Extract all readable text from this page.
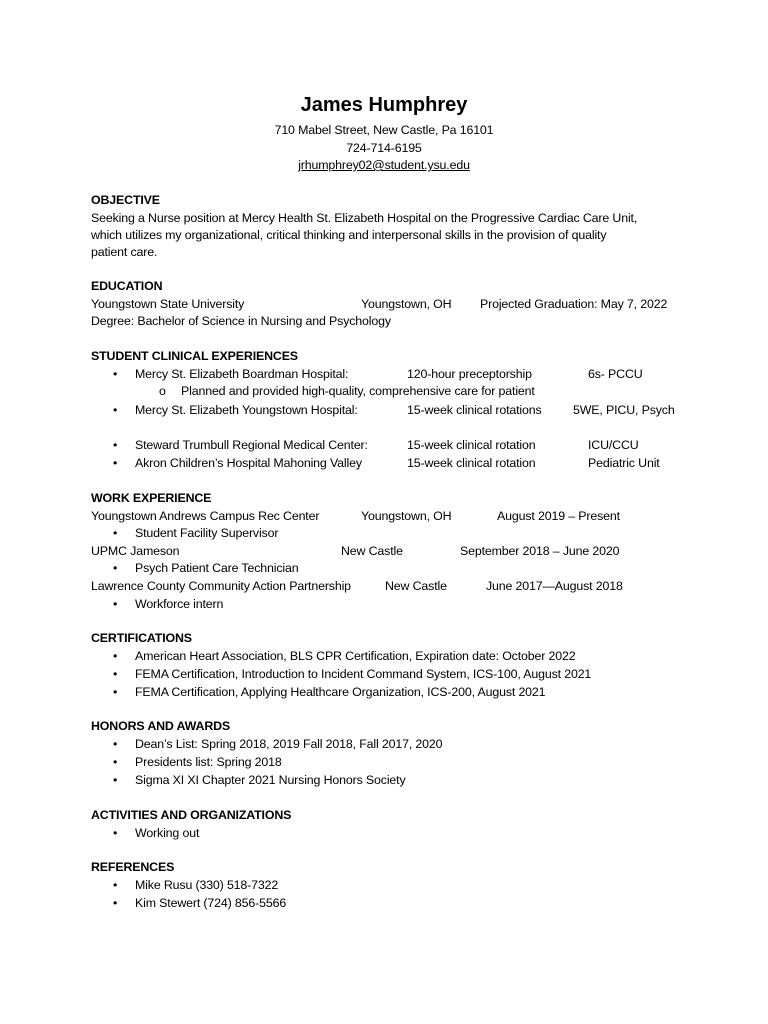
James Humphrey
710 Mabel Street, New Castle, Pa 16101
724-714-6195
jrhumphrey02@student.ysu.edu
OBJECTIVE
Seeking a Nurse position at Mercy Health St. Elizabeth Hospital on the Progressive Cardiac Care Unit,
which utilizes my organizational, critical thinking and interpersonal skills in the provision of quality
patient care.
EDUCATION
Youngstown State University	Youngstown, OH Projected Graduation: May 7, 2022
Degree: Bachelor of Science in Nursing and Psychology
STUDENT CLINICAL EXPERIENCES
• Mercy St. Elizabeth Boardman Hospital:	120-hour preceptorship	6s- PCCU
o Planned and provided high-quality, comprehensive care for patient
• Mercy St. Elizabeth Youngstown Hospital:	15-week clinical rotations	5WE, PICU, Psych
• Steward Trumbull Regional Medical Center:	15-week clinical rotation	ICU/CCU
• Akron Children’s Hospital Mahoning Valley	15-week clinical rotation	Pediatric Unit
WORK EXPERIENCE
Youngstown Andrews Campus Rec Center	Youngstown, OH	August 2019 – Present
• Student Facility Supervisor
UPMC Jameson	New Castle	September 2018 – June 2020
• Psych Patient Care Technician
Lawrence County Community Action Partnership	New Castle	June 2017—August 2018
• Workforce intern
CERTIFICATIONS
• American Heart Association, BLS CPR Certification, Expiration date: October 2022
• FEMA Certification, Introduction to Incident Command System, ICS-100, August 2021
• FEMA Certification, Applying Healthcare Organization, ICS-200, August 2021
HONORS AND AWARDS
• Dean’s List: Spring 2018, 2019 Fall 2018, Fall 2017, 2020
• Presidents list: Spring 2018
• Sigma XI XI Chapter 2021 Nursing Honors Society
ACTIVITIES AND ORGANIZATIONS
• Working out
REFERENCES
• Mike Rusu (330) 518-7322
• Kim Stewert (724) 856-5566
